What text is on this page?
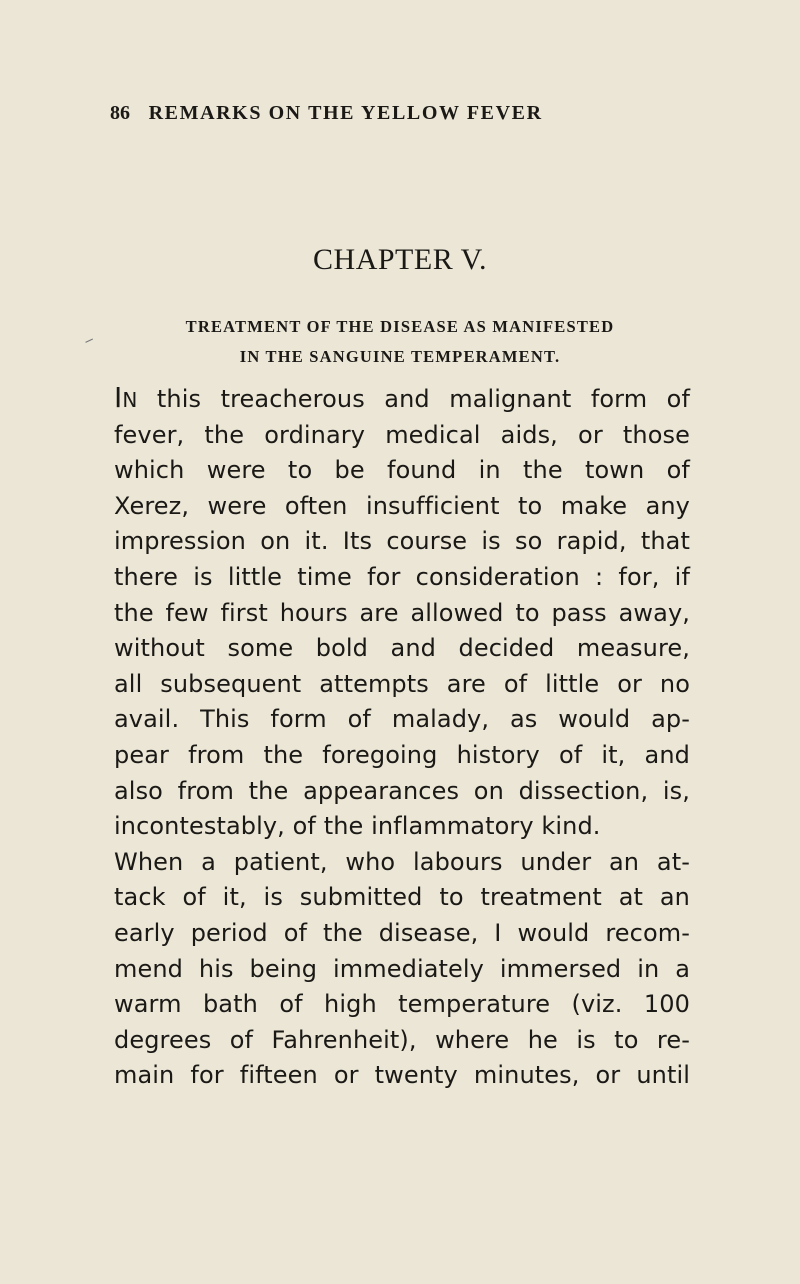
86 REMARKS ON THE YELLOW FEVER
CHAPTER V.
TREATMENT OF THE DISEASE AS MANIFESTED
IN THE SANGUINE TEMPERAMENT.
In this treacherous and malignant form of
fever, the ordinary medical aids, or those
which were to be found in the town of
Xerez, were often insufficient to make any
impression on it. Its course is so rapid, that
there is little time for consideration : for, if
the few first hours are allowed to pass away,
without some bold and decided measure,
all subsequent attempts are of little or no
avail. This form of malady, as would ap-
pear from the foregoing history of it, and
also from the appearances on dissection, is,
incontestably, of the inflammatory kind.
When a patient, who labours under an at-
tack of it, is submitted to treatment at an
early period of the disease, I would recom-
mend his being immediately immersed in a
warm bath of high temperature (viz. 100
degrees of Fahrenheit), where he is to re-
main for fifteen or twenty minutes, or until
